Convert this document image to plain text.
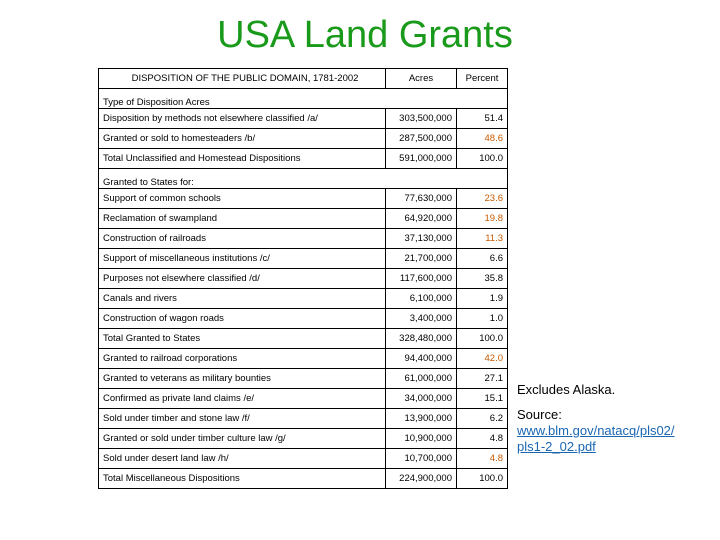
USA Land Grants
DISPOSITION OF THE PUBLIC DOMAIN, 1781-2002	Acres	Percent
Type of Disposition Acres		
Disposition by methods not elsewhere classified /a/	303,500,000	51.4
Granted or sold to homesteaders /b/	287,500,000	48.6
Total Unclassified and Homestead Dispositions	591,000,000	100.0
Granted to States for:		
Support of common schools	77,630,000	23.6
Reclamation of swampland	64,920,000	19.8
Construction of railroads	37,130,000	11.3
Support of miscellaneous institutions /c/	21,700,000	6.6
Purposes not elsewhere classified /d/	117,600,000	35.8
Canals and rivers	6,100,000	1.9
Construction of wagon roads	3,400,000	1.0
Total Granted to States	328,480,000	100.0
Granted to railroad corporations	94,400,000	42.0
Granted to veterans as military bounties	61,000,000	27.1
Confirmed as private land claims /e/	34,000,000	15.1
Sold under timber and stone law /f/	13,900,000	6.2
Granted or sold under timber culture law /g/	10,900,000	4.8
Sold under desert land law /h/	10,700,000	4.8
Total Miscellaneous Dispositions	224,900,000	100.0
Excludes Alaska.
Source:
www.blm.gov/natacq/pls02/
pls1-2_02.pdf
